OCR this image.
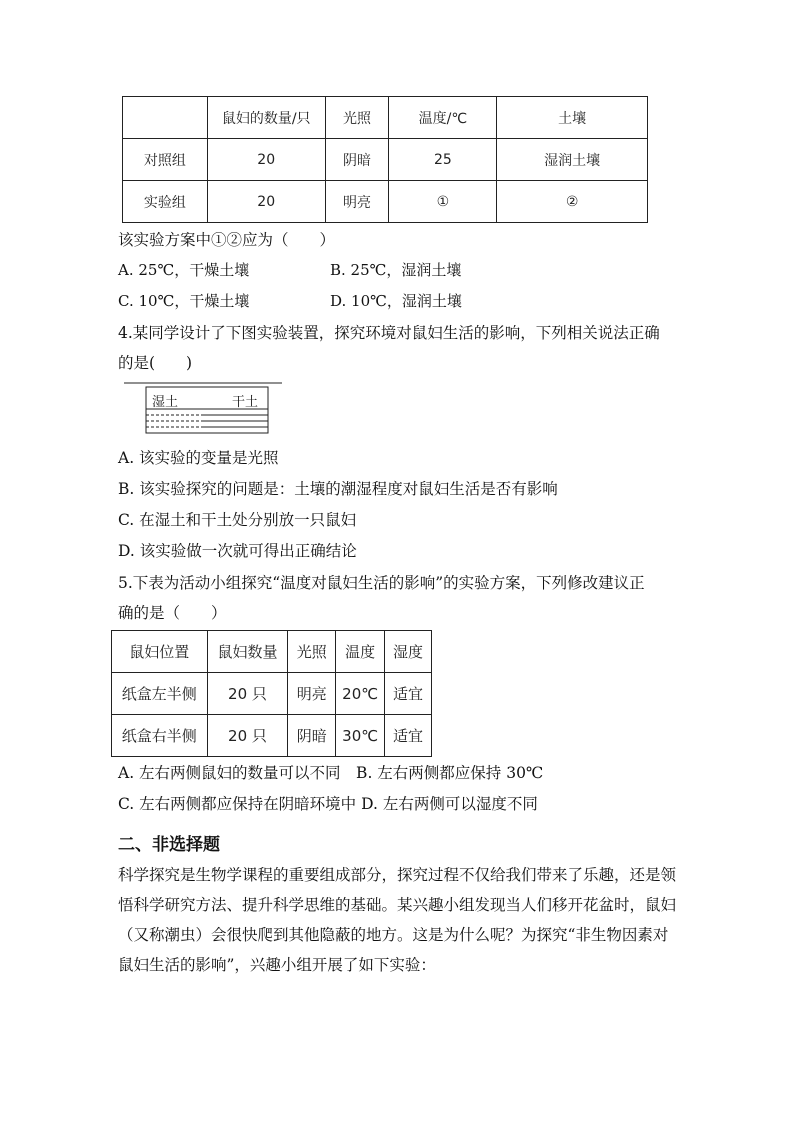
	鼠妇的数量/只	光照	温度/℃	土壤
对照组	20	阴暗	25	湿润土壤
实验组	20	明亮	①	②
该实验方案中①②应为（　　）
A. 25℃，干燥土壤	B. 25℃，湿润土壤
C. 10℃，干燥土壤	D. 10℃，湿润土壤
4.某同学设计了下图实验装置，探究环境对鼠妇生活的影响，下列相关说法正确
的是(　　)
湿土	干土
A. 该实验的变量是光照
B. 该实验探究的问题是：土壤的潮湿程度对鼠妇生活是否有影响
C. 在湿土和干土处分别放一只鼠妇
D. 该实验做一次就可得出正确结论
5.下表为活动小组探究“温度对鼠妇生活的影响”的实验方案，下列修改建议正
确的是（　　）
鼠妇位置	鼠妇数量	光照	温度	湿度
纸盒左半侧	20 只	明亮	20℃	适宜
纸盒右半侧	20 只	阴暗	30℃	适宜
A. 左右两侧鼠妇的数量可以不同　B. 左右两侧都应保持 30℃
C. 左右两侧都应保持在阴暗环境中 D. 左右两侧可以湿度不同
二、非选择题
科学探究是生物学课程的重要组成部分，探究过程不仅给我们带来了乐趣，还是领悟科学研究方法、提升科学思维的基础。某兴趣小组发现当人们移开花盆时，鼠妇（又称潮虫）会很快爬到其他隐蔽的地方。这是为什么呢？为探究“非生物因素对鼠妇生活的影响”，兴趣小组开展了如下实验：
